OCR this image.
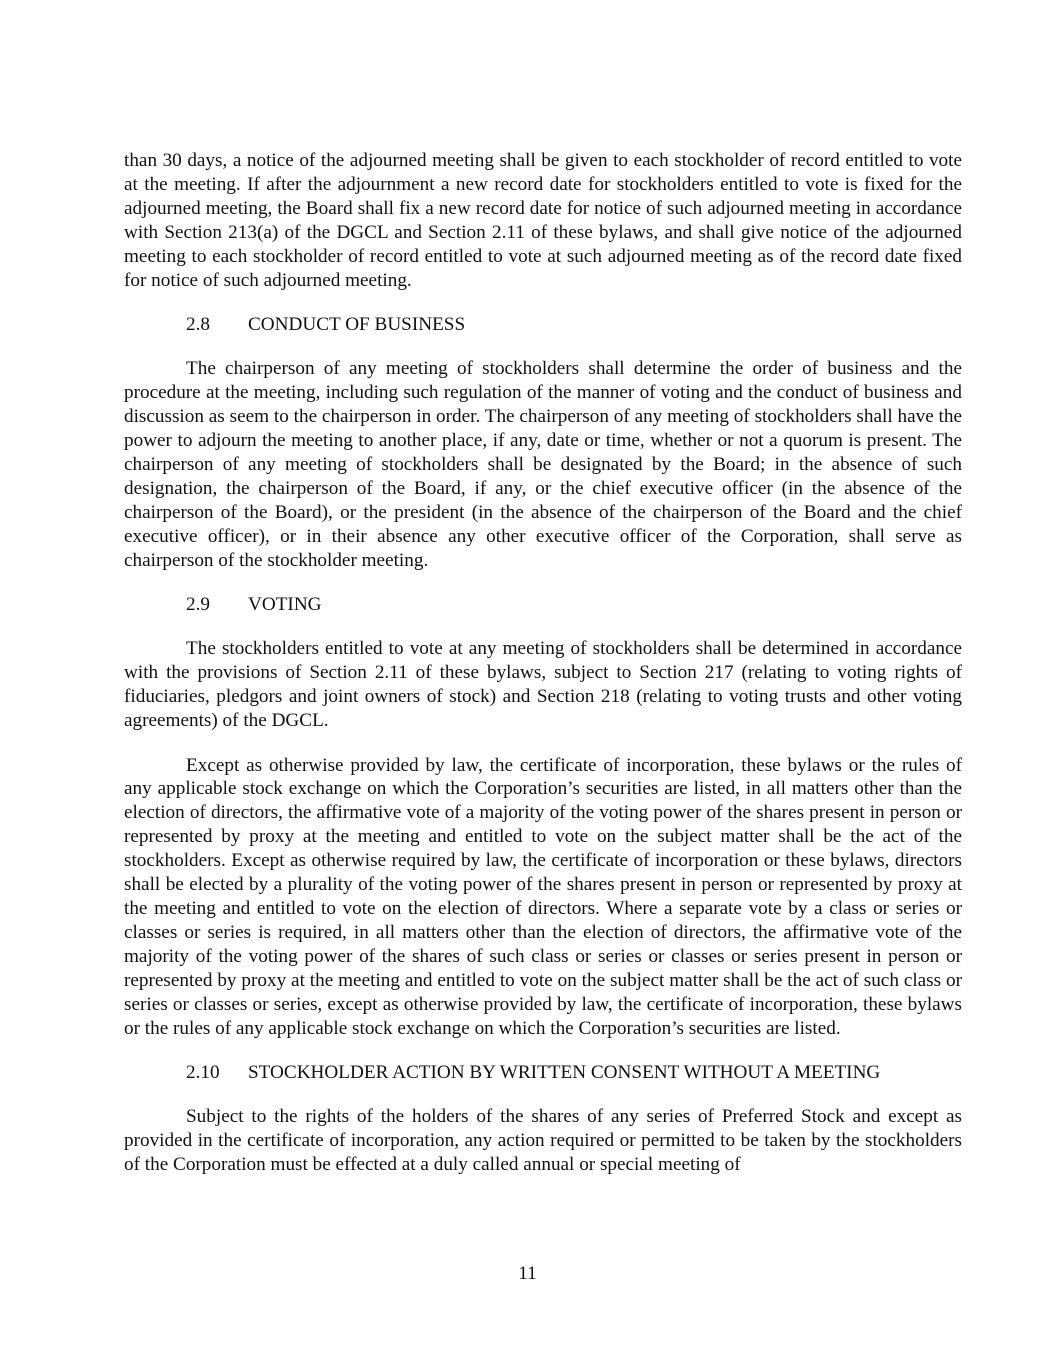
than 30 days, a notice of the adjourned meeting shall be given to each stockholder of record entitled to vote at the meeting. If after the adjournment a new record date for stockholders entitled to vote is fixed for the adjourned meeting, the Board shall fix a new record date for notice of such adjourned meeting in accordance with Section 213(a) of the DGCL and Section 2.11 of these bylaws, and shall give notice of the adjourned meeting to each stockholder of record entitled to vote at such adjourned meeting as of the record date fixed for notice of such adjourned meeting.

2.8 CONDUCT OF BUSINESS

The chairperson of any meeting of stockholders shall determine the order of business and the procedure at the meeting, including such regulation of the manner of voting and the conduct of business and discussion as seem to the chairperson in order. The chairperson of any meeting of stockholders shall have the power to adjourn the meeting to another place, if any, date or time, whether or not a quorum is present. The chairperson of any meeting of stockholders shall be designated by the Board; in the absence of such designation, the chairperson of the Board, if any, or the chief executive officer (in the absence of the chairperson of the Board), or the president (in the absence of the chairperson of the Board and the chief executive officer), or in their absence any other executive officer of the Corporation, shall serve as chairperson of the stockholder meeting.

2.9 VOTING

The stockholders entitled to vote at any meeting of stockholders shall be determined in accordance with the provisions of Section 2.11 of these bylaws, subject to Section 217 (relating to voting rights of fiduciaries, pledgors and joint owners of stock) and Section 218 (relating to voting trusts and other voting agreements) of the DGCL.

Except as otherwise provided by law, the certificate of incorporation, these bylaws or the rules of any applicable stock exchange on which the Corporation’s securities are listed, in all matters other than the election of directors, the affirmative vote of a majority of the voting power of the shares present in person or represented by proxy at the meeting and entitled to vote on the subject matter shall be the act of the stockholders. Except as otherwise required by law, the certificate of incorporation or these bylaws, directors shall be elected by a plurality of the voting power of the shares present in person or represented by proxy at the meeting and entitled to vote on the election of directors. Where a separate vote by a class or series or classes or series is required, in all matters other than the election of directors, the affirmative vote of the majority of the voting power of the shares of such class or series or classes or series present in person or represented by proxy at the meeting and entitled to vote on the subject matter shall be the act of such class or series or classes or series, except as otherwise provided by law, the certificate of incorporation, these bylaws or the rules of any applicable stock exchange on which the Corporation’s securities are listed.

2.10 STOCKHOLDER ACTION BY WRITTEN CONSENT WITHOUT A MEETING

Subject to the rights of the holders of the shares of any series of Preferred Stock and except as provided in the certificate of incorporation, any action required or permitted to be taken by the stockholders of the Corporation must be effected at a duly called annual or special meeting of

11
